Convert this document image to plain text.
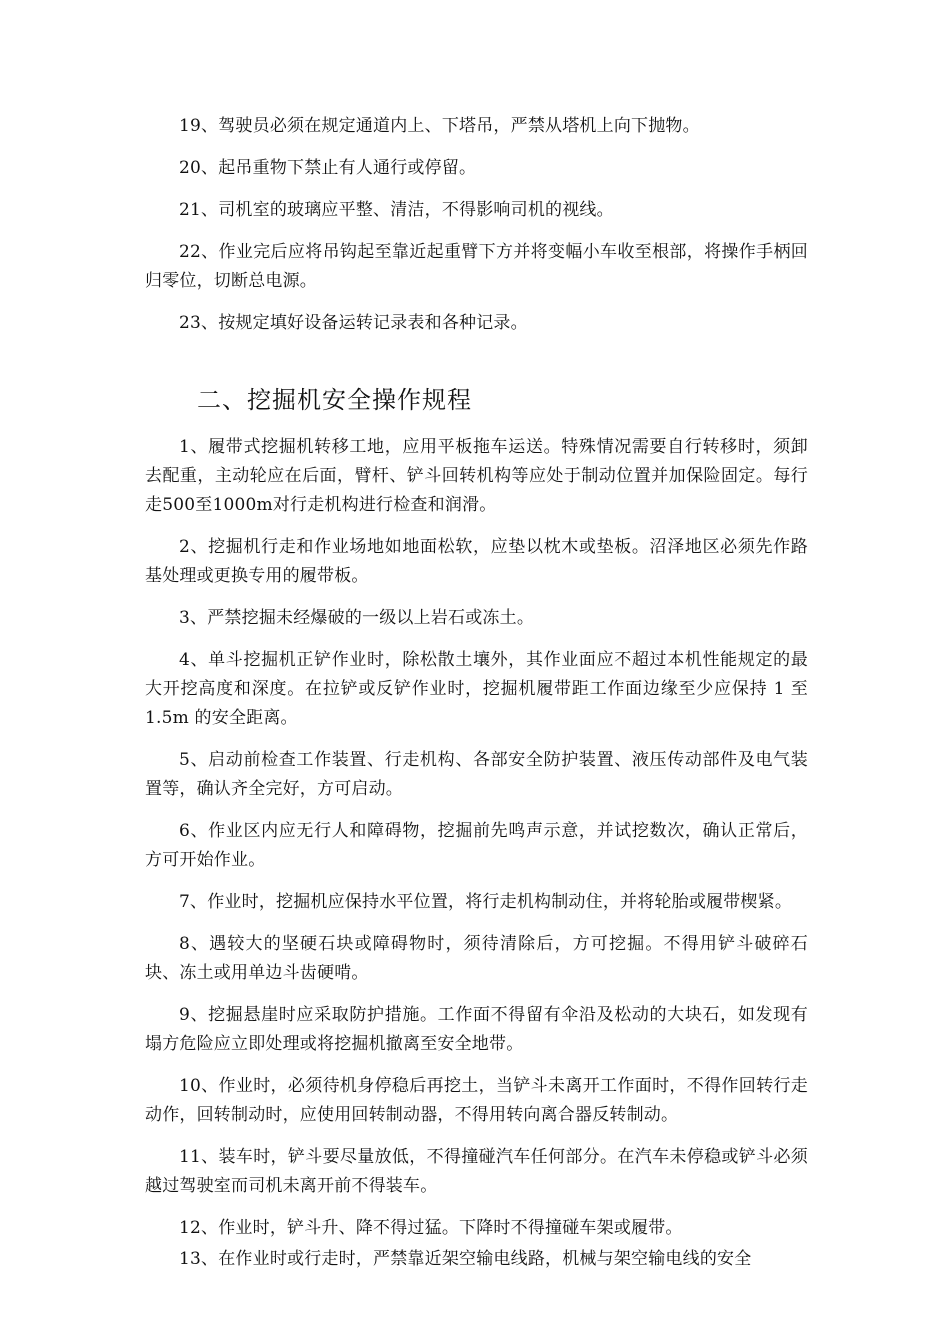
19、驾驶员必须在规定通道内上、下塔吊，严禁从塔机上向下抛物。

20、起吊重物下禁止有人通行或停留。

21、司机室的玻璃应平整、清洁，不得影响司机的视线。

22、作业完后应将吊钩起至靠近起重臂下方并将变幅小车收至根部，将操作手柄回归零位，切断总电源。

23、按规定填好设备运转记录表和各种记录。

二、挖掘机安全操作规程

1、履带式挖掘机转移工地，应用平板拖车运送。特殊情况需要自行转移时，须卸去配重，主动轮应在后面，臂杆、铲斗回转机构等应处于制动位置并加保险固定。每行走500至1000m对行走机构进行检查和润滑。

2、挖掘机行走和作业场地如地面松软，应垫以枕木或垫板。沼泽地区必须先作路基处理或更换专用的履带板。

3、严禁挖掘未经爆破的一级以上岩石或冻土。

4、单斗挖掘机正铲作业时，除松散土壤外，其作业面应不超过本机性能规定的最大开挖高度和深度。在拉铲或反铲作业时，挖掘机履带距工作面边缘至少应保持 1 至 1.5m 的安全距离。

5、启动前检查工作装置、行走机构、各部安全防护装置、液压传动部件及电气装置等，确认齐全完好，方可启动。

6、作业区内应无行人和障碍物，挖掘前先鸣声示意，并试挖数次，确认正常后，方可开始作业。

7、作业时，挖掘机应保持水平位置，将行走机构制动住，并将轮胎或履带楔紧。

8、遇较大的坚硬石块或障碍物时，须待清除后，方可挖掘。不得用铲斗破碎石块、冻土或用单边斗齿硬啃。

9、挖掘悬崖时应采取防护措施。工作面不得留有伞沿及松动的大块石，如发现有塌方危险应立即处理或将挖掘机撤离至安全地带。

10、作业时，必须待机身停稳后再挖土，当铲斗未离开工作面时，不得作回转行走动作，回转制动时，应使用回转制动器，不得用转向离合器反转制动。

11、装车时，铲斗要尽量放低，不得撞碰汽车任何部分。在汽车未停稳或铲斗必须越过驾驶室而司机未离开前不得装车。

12、作业时，铲斗升、降不得过猛。下降时不得撞碰车架或履带。

13、在作业时或行走时，严禁靠近架空输电线路，机械与架空输电线的安全
